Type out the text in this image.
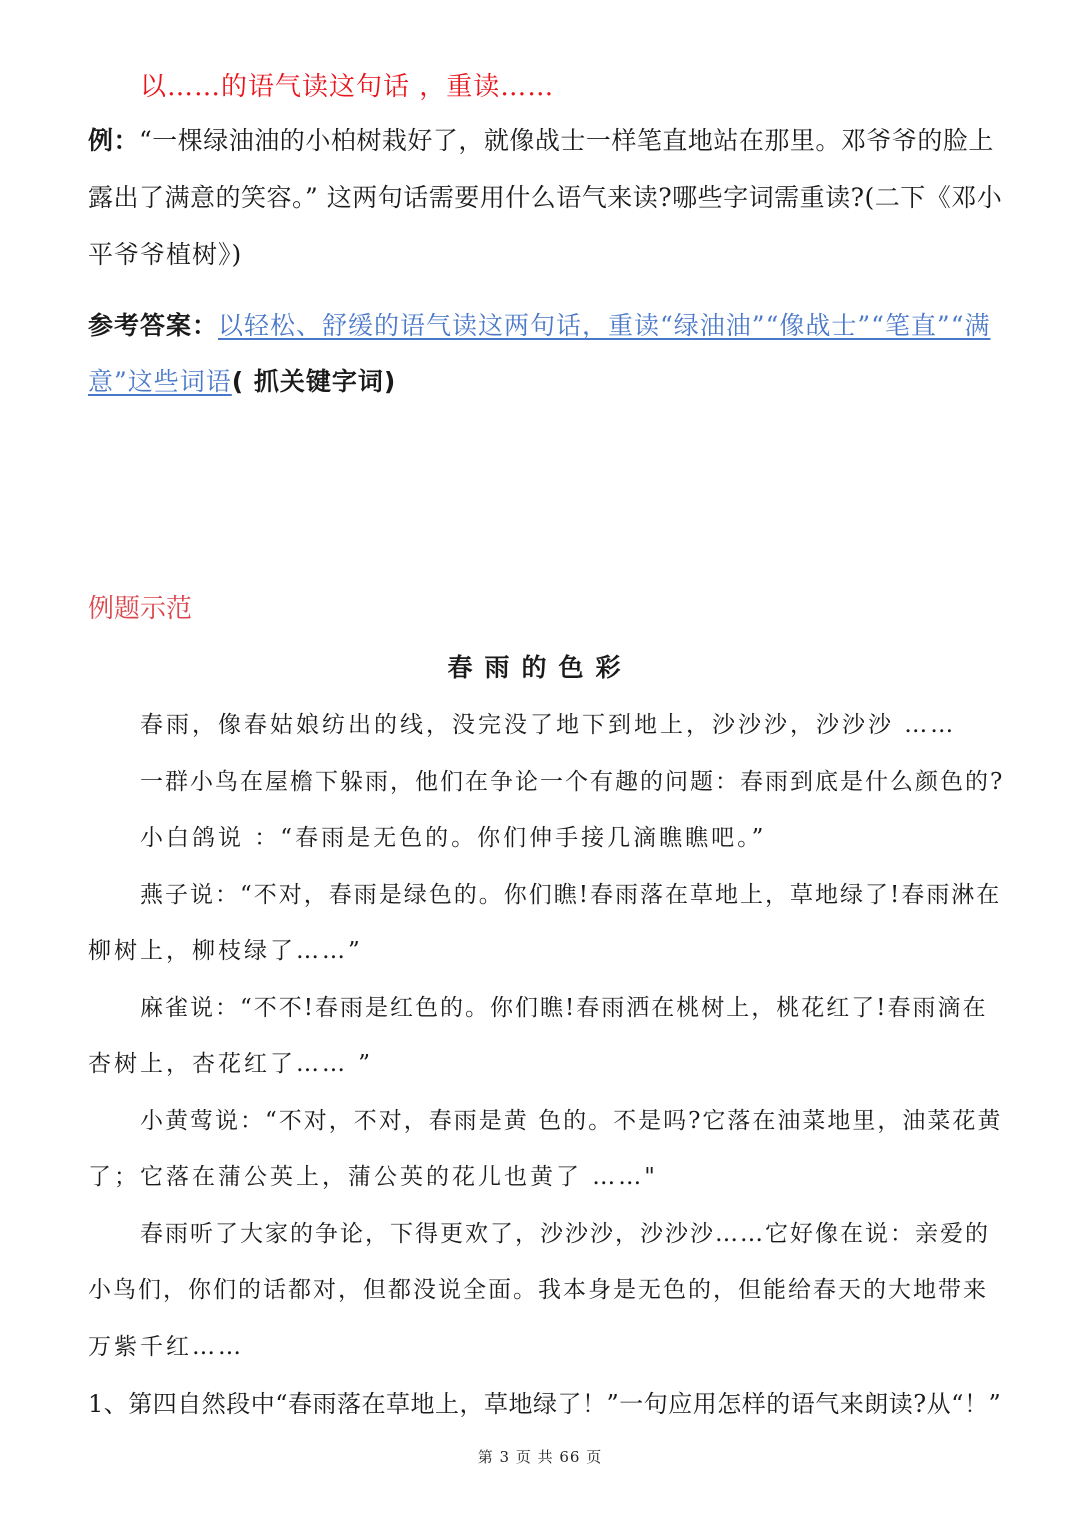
以……的语气读这句话 ，重读……
例：“一棵绿油油的小柏树栽好了，就像战士一样笔直地站在那里。邓爷爷的脸上
露出了满意的笑容。” 这两句话需要用什么语气来读?哪些字词需重读?(二下《邓小
平爷爷植树》)
参考答案：以轻松、舒缓的语气读这两句话，重读“绿油油”“像战士”“笔直”“满
意”这些词语( 抓关键字词)
例题示范
春雨的色彩
春雨，像春姑娘纺出的线，没完没了地下到地上，沙沙沙，沙沙沙 ……
一群小鸟在屋檐下躲雨，他们在争论一个有趣的问题：春雨到底是什么颜色的?
小白鸽说 ：“春雨是无色的。你们伸手接几滴瞧瞧吧。”
燕子说：“不对，春雨是绿色的。你们瞧!春雨落在草地上，草地绿了!春雨淋在
柳树上，柳枝绿了……”
麻雀说：“不不!春雨是红色的。你们瞧!春雨洒在桃树上，桃花红了!春雨滴在
杏树上，杏花红了…… ”
小黄莺说：“不对，不对，春雨是黄 色的。不是吗?它落在油菜地里，油菜花黄
了；它落在蒲公英上，蒲公英的花儿也黄了 ……"
春雨听了大家的争论，下得更欢了，沙沙沙，沙沙沙……它好像在说：亲爱的
小鸟们，你们的话都对，但都没说全面。我本身是无色的，但能给春天的大地带来
万紫千红……
1、第四自然段中“春雨落在草地上，草地绿了！”一句应用怎样的语气来朗读?从“！”
第 3 页 共 66 页
